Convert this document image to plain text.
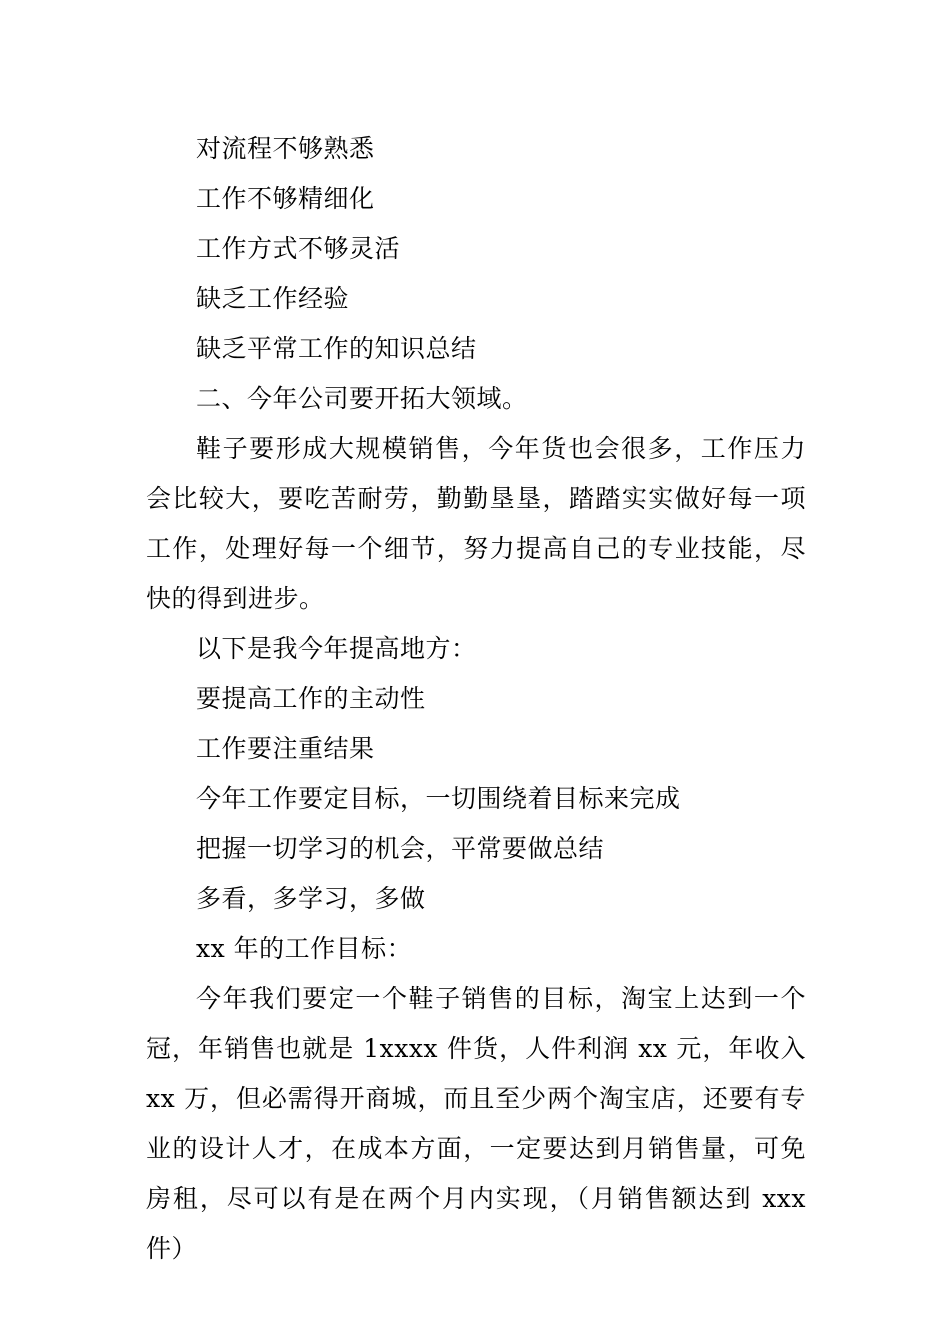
对流程不够熟悉

工作不够精细化

工作方式不够灵活

缺乏工作经验

缺乏平常工作的知识总结

二、今年公司要开拓大领域。

鞋子要形成大规模销售，今年货也会很多，工作压力会比较大，要吃苦耐劳，勤勤垦垦，踏踏实实做好每一项工作，处理好每一个细节，努力提高自己的专业技能，尽快的得到进步。

以下是我今年提高地方：

要提高工作的主动性

工作要注重结果

今年工作要定目标，一切围绕着目标来完成

把握一切学习的机会，平常要做总结

多看，多学习，多做

xx 年的工作目标：

今年我们要定一个鞋子销售的目标，淘宝上达到一个冠，年销售也就是 1xxxx 件货，人件利润 xx 元，年收入 xx 万，但必需得开商城，而且至少两个淘宝店，还要有专业的设计人才，在成本方面，一定要达到月销售量，可免房租，尽可以有是在两个月内实现，（月销售额达到 xxx 件）
